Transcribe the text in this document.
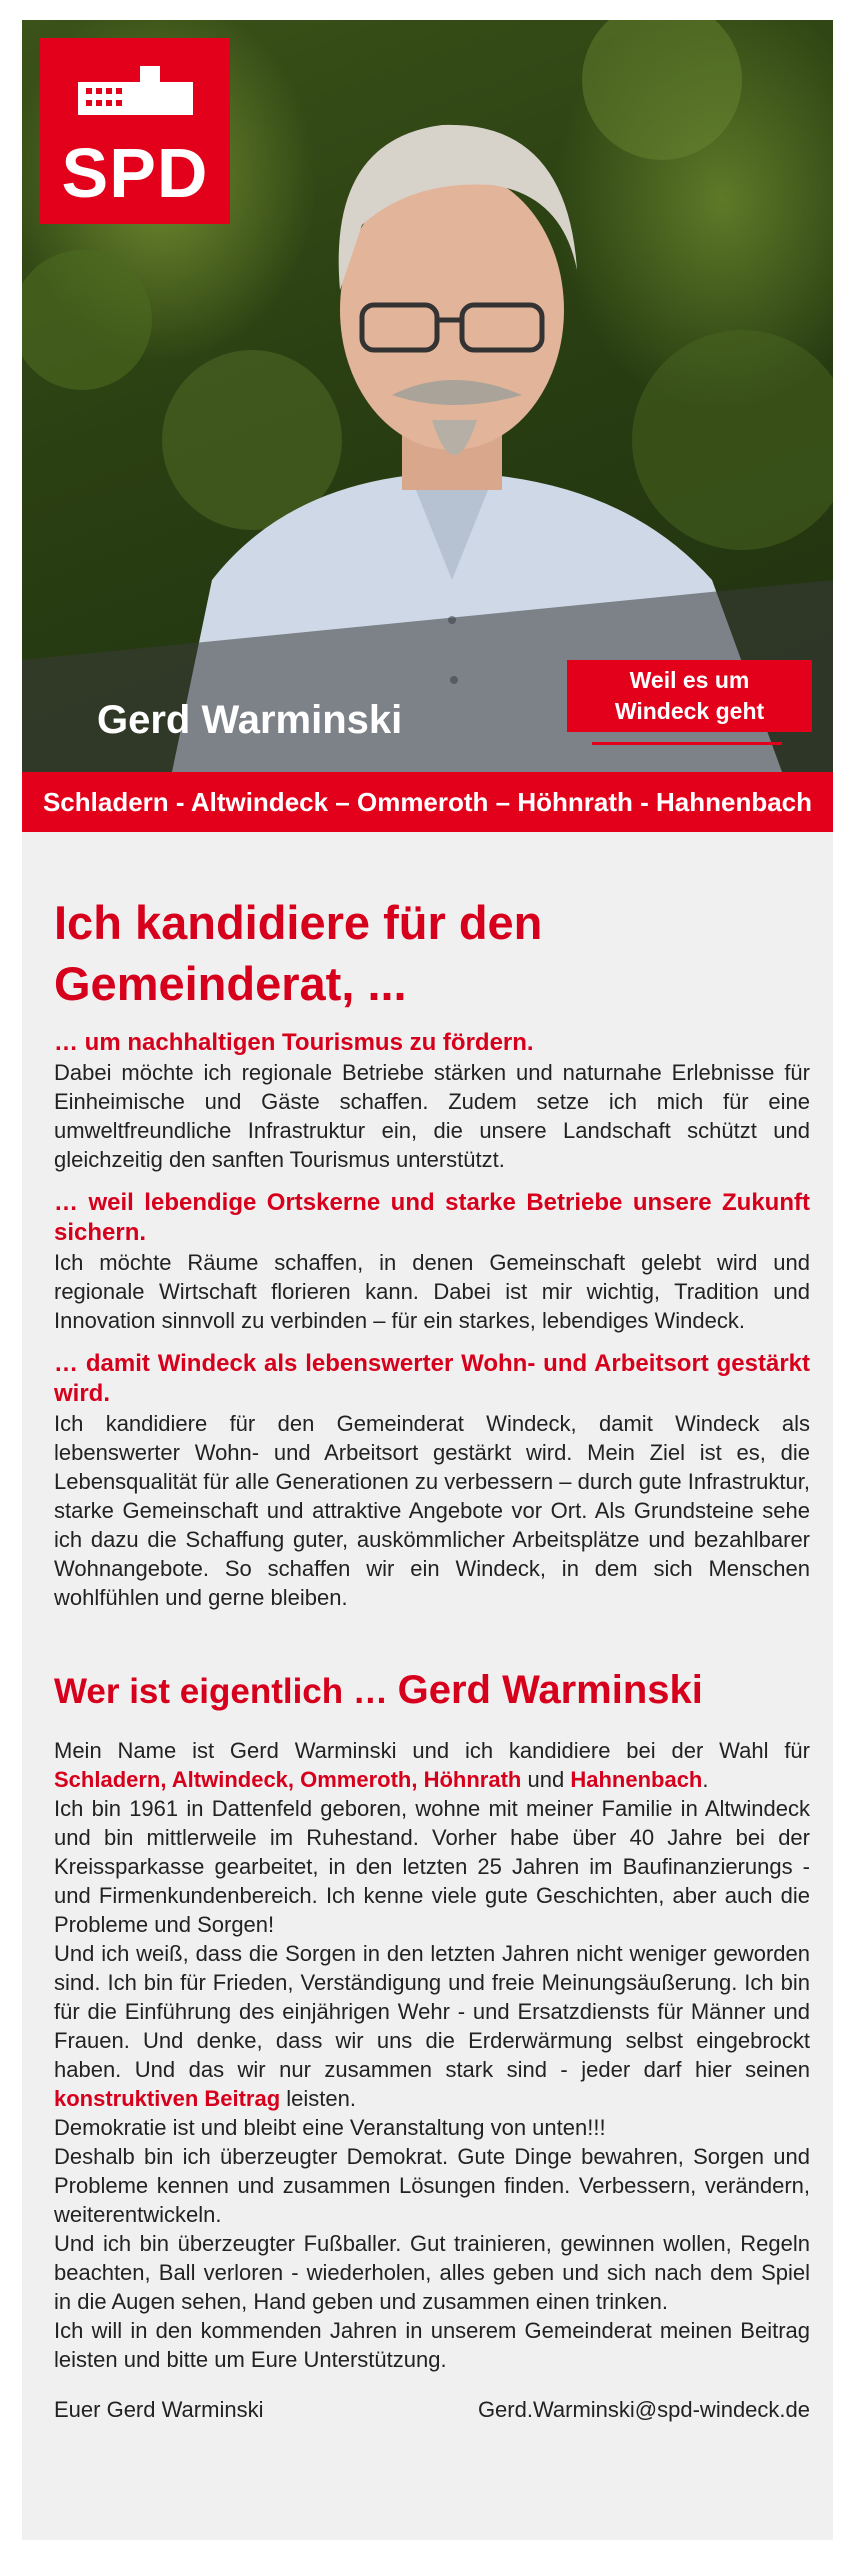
SPD
Weil es um
Windeck geht
Gerd Warminski
Schladern - Altwindeck – Ommeroth – Höhnrath - Hahnenbach
Ich kandidiere für den Gemeinderat, ...

… um nachhaltigen Tourismus zu fördern.

Dabei möchte ich regionale Betriebe stärken und naturnahe Erlebnisse für Einheimische und Gäste schaffen. Zudem setze ich mich für eine umweltfreundliche Infrastruktur ein, die unsere Landschaft schützt und gleichzeitig den sanften Tourismus unterstützt.

… weil lebendige Ortskerne und starke Betriebe unsere Zukunft sichern.

Ich möchte Räume schaffen, in denen Gemeinschaft gelebt wird und regionale Wirtschaft florieren kann. Dabei ist mir wichtig, Tradition und Innovation sinnvoll zu verbinden – für ein starkes, lebendiges Windeck.

… damit Windeck als lebenswerter Wohn- und Arbeitsort gestärkt wird.

Ich kandidiere für den Gemeinderat Windeck, damit Windeck als lebenswerter Wohn- und Arbeitsort gestärkt wird. Mein Ziel ist es, die Lebensqualität für alle Generationen zu verbessern – durch gute Infrastruktur, starke Gemeinschaft und attraktive Angebote vor Ort. Als Grundsteine sehe ich dazu die Schaffung guter, auskömmlicher Arbeitsplätze und bezahlbarer Wohnangebote. So schaffen wir ein Windeck, in dem sich Menschen wohlfühlen und gerne bleiben.

Wer ist eigentlich … Gerd Warminski

Mein Name ist Gerd Warminski und ich kandidiere bei der Wahl für Schladern, Altwindeck, Ommeroth, Höhnrath und Hahnenbach.

Ich bin 1961 in Dattenfeld geboren, wohne mit meiner Familie in Altwindeck und bin mittlerweile im Ruhestand. Vorher habe über 40 Jahre bei der Kreissparkasse gearbeitet, in den letzten 25 Jahren im Baufinanzierungs - und Firmenkundenbereich. Ich kenne viele gute Geschichten, aber auch die Probleme und Sorgen!

Und ich weiß, dass die Sorgen in den letzten Jahren nicht weniger geworden sind. Ich bin für Frieden, Verständigung und freie Meinungsäußerung. Ich bin für die Einführung des einjährigen Wehr - und Ersatzdiensts für Männer und Frauen. Und denke, dass wir uns die Erderwärmung selbst eingebrockt haben. Und das wir nur zusammen stark sind - jeder darf hier seinen konstruktiven Beitrag leisten.

Demokratie ist und bleibt eine Veranstaltung von unten!!!

Deshalb bin ich überzeugter Demokrat. Gute Dinge bewahren, Sorgen und Probleme kennen und zusammen Lösungen finden. Verbessern, verändern, weiterentwickeln.

Und ich bin überzeugter Fußballer. Gut trainieren, gewinnen wollen, Regeln beachten, Ball verloren - wiederholen, alles geben und sich nach dem Spiel in die Augen sehen, Hand geben und zusammen einen trinken.

Ich will in den kommenden Jahren in unserem Gemeinderat meinen Beitrag leisten und bitte um Eure Unterstützung.

Euer Gerd Warminski	Gerd.Warminski@spd-windeck.de
